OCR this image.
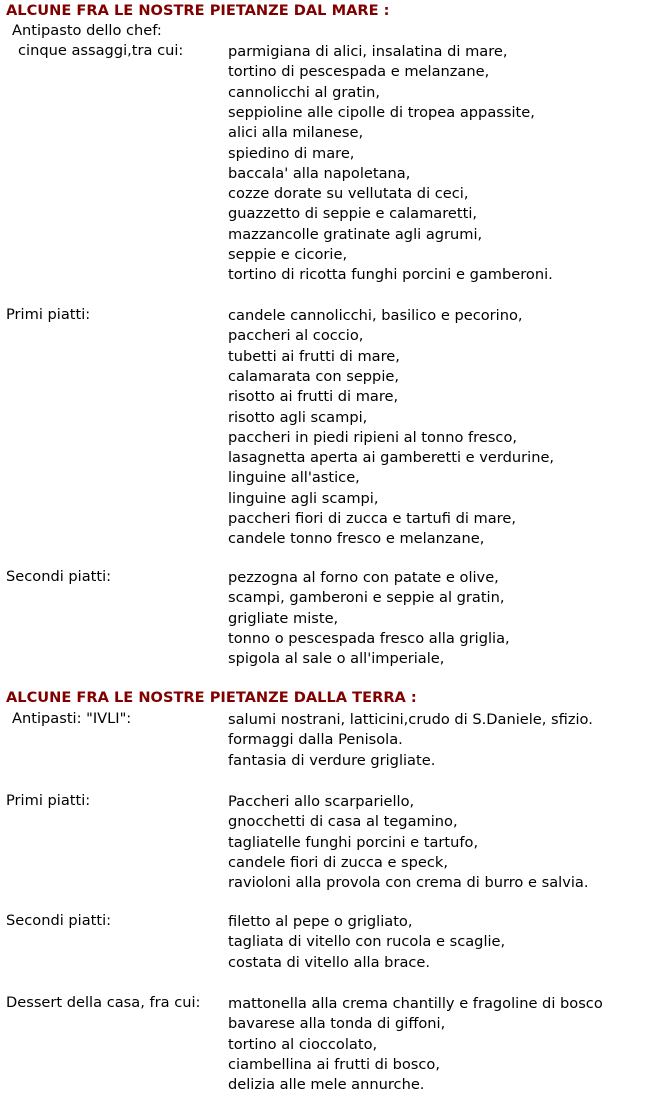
ALCUNE FRA LE NOSTRE PIETANZE DAL MARE :
Antipasto dello chef:
cinque assaggi,tra cui:	parmigiana di alici, insalatina di mare,
tortino di pescespada e melanzane,
cannolicchi al gratin,
seppioline alle cipolle di tropea appassite,
alici alla milanese,
spiedino di mare,
baccala' alla napoletana,
cozze dorate su vellutata di ceci,
guazzetto di seppie e calamaretti,
mazzancolle gratinate agli agrumi,
seppie e cicorie,
tortino di ricotta funghi porcini e gamberoni.
Primi piatti:	candele cannolicchi, basilico e pecorino,
paccheri al coccio,
tubetti ai frutti di mare,
calamarata con seppie,
risotto ai frutti di mare,
risotto agli scampi,
paccheri in piedi ripieni al tonno fresco,
lasagnetta aperta ai gamberetti e verdurine,
linguine all'astice,
linguine agli scampi,
paccheri fiori di zucca e tartufi di mare,
candele tonno fresco e melanzane,
Secondi piatti:	pezzogna al forno con patate e olive,
scampi, gamberoni e seppie al gratin,
grigliate miste,
tonno o pescespada fresco alla griglia,
spigola al sale o all'imperiale,
ALCUNE FRA LE NOSTRE PIETANZE DALLA TERRA :
Antipasti: "IVLI":	salumi nostrani, latticini,crudo di S.Daniele, sfizio.
formaggi dalla Penisola.
fantasia di verdure grigliate.
Primi piatti:	Paccheri allo scarpariello,
gnocchetti di casa al tegamino,
tagliatelle funghi porcini e tartufo,
candele fiori di zucca e speck,
ravioloni alla provola con crema di burro e salvia.
Secondi piatti:	filetto al pepe o grigliato,
tagliata di vitello con rucola e scaglie,
costata di vitello alla brace.
Dessert della casa, fra cui: mattonella alla crema chantilly e fragoline di bosco
bavarese alla tonda di giffoni,
tortino al cioccolato,
ciambellina ai frutti di bosco,
delizia alle mele annurche.
